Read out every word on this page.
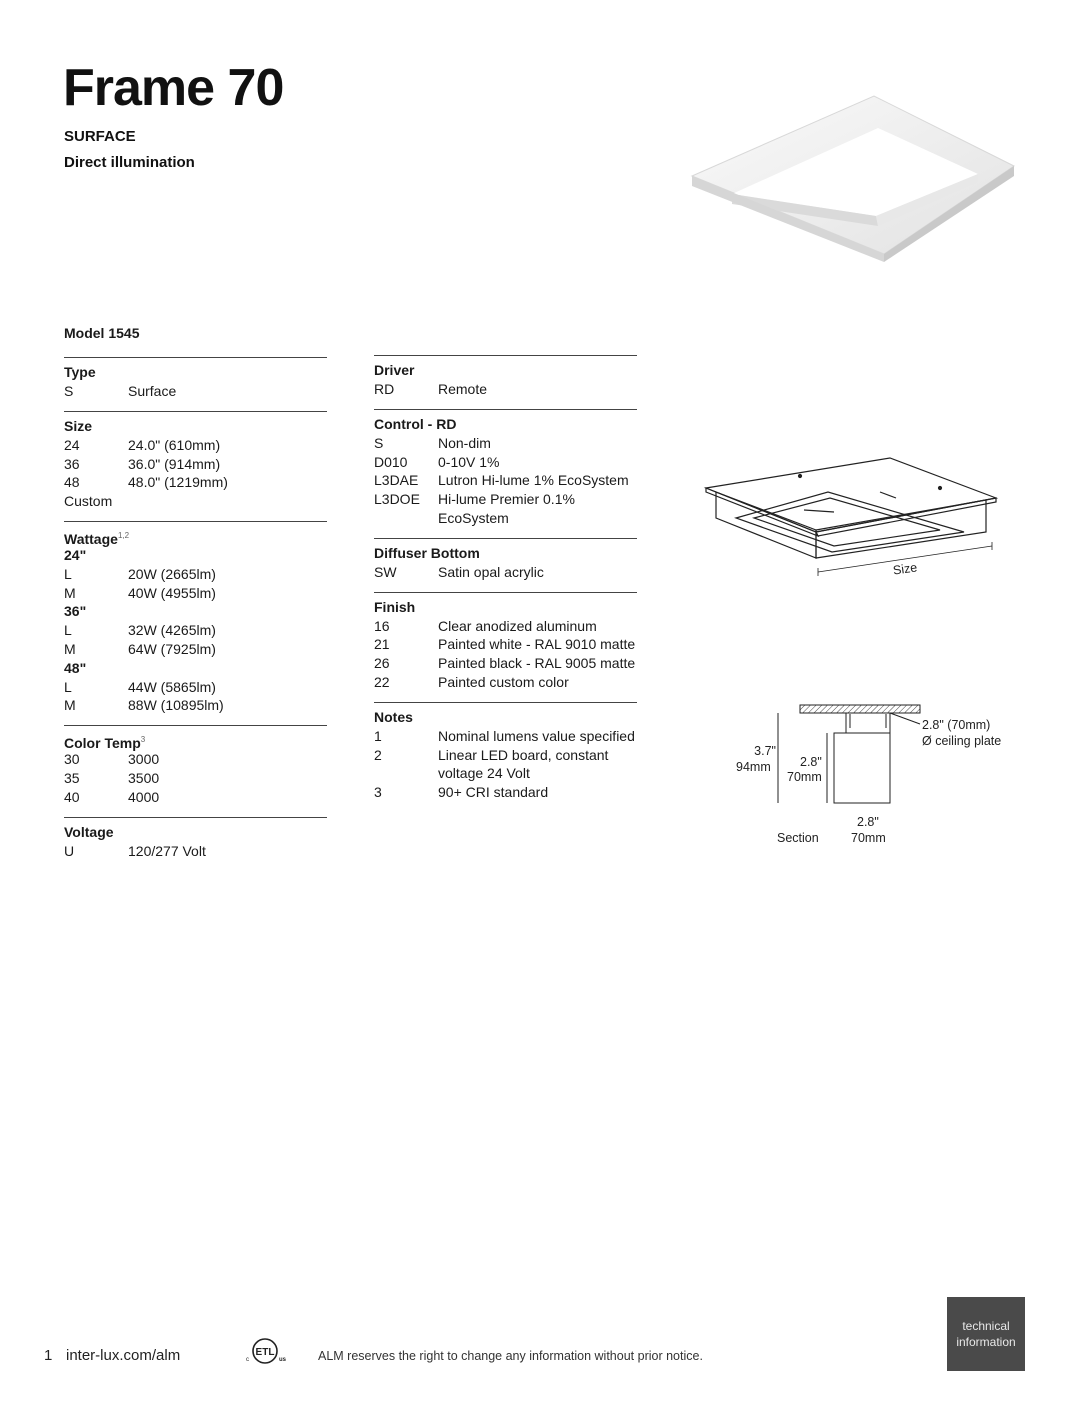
Frame 70
SURFACE
Direct illumination
Model 1545
Type
S	Surface
Size
24	24.0" (610mm)
36	36.0" (914mm)
48	48.0" (1219mm)
Custom
Wattage$^{1,2}$
24"
L	20W (2665lm)
M	40W (4955lm)
36"
L	32W (4265lm)
M	64W (7925lm)
48"
L	44W (5865lm)
M	88W (10895lm)
Color Temp$^3$
30	3000
35	3500
40	4000
Voltage
U	120/277 Volt
Driver
RD	Remote
Control - RD
S	Non-dim
D010	0-10V 1%
L3DAE	Lutron Hi-lume 1% EcoSystem
L3DOE	Hi-lume Premier 0.1% EcoSystem
Diffuser Bottom
SW	Satin opal acrylic
Finish
16	Clear anodized aluminum
21	Painted white - RAL 9010 matte
26	Painted black - RAL 9005 matte
22	Painted custom color
Notes
1	Nominal lumens value specified
2	Linear LED board, constant voltage 24 Volt
3	90+ CRI standard
Size
3.7"
94mm 2.8"
70mm
2.8" (70mm)
Ø ceiling plate
2.8"
Section	70mm
1 inter-lux.com/alm	ETL
c	us	ALM reserves the right to change any information without prior notice.
technical
information
